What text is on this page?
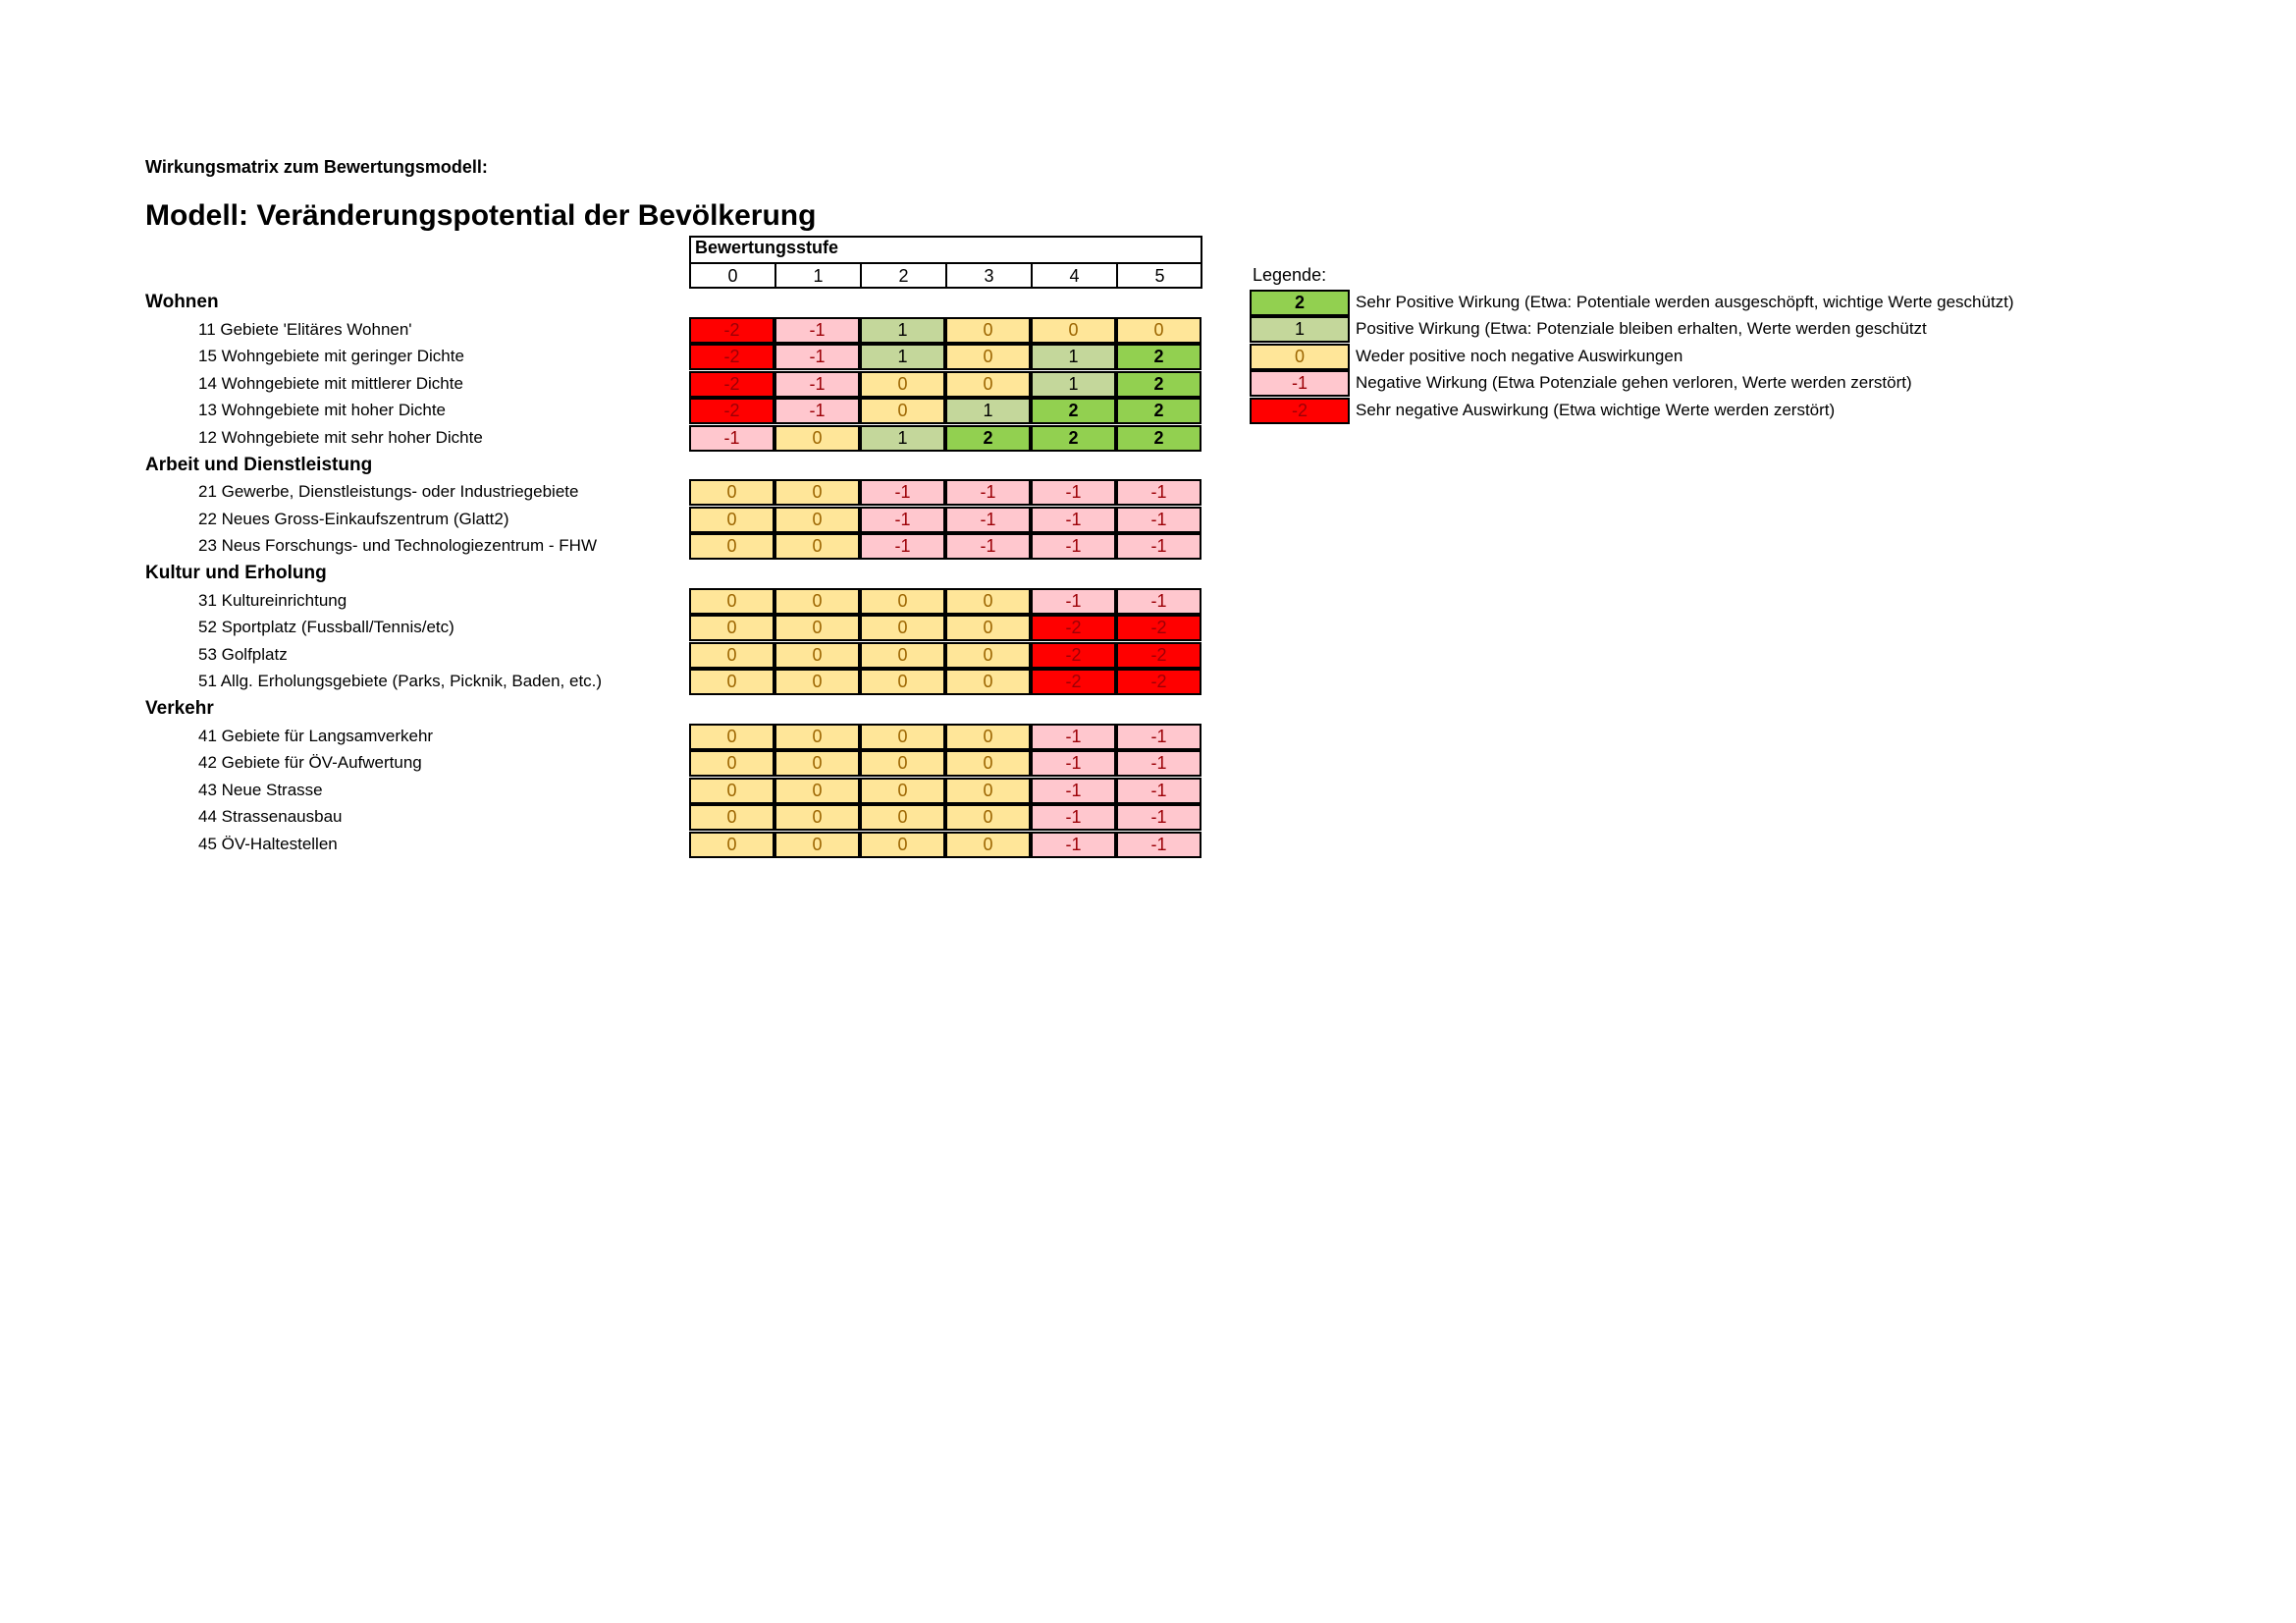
Wirkungsmatrix zum Bewertungsmodell:
Modell: Veränderungspotential der Bevölkerung
Bewertungsstufe
0	1	2	3	4	5
Wohnen
11 Gebiete 'Elitäres Wohnen'	-2	-1	1	0	0	0
15 Wohngebiete mit geringer Dichte	-2	-1	1	0	1	2
14 Wohngebiete mit mittlerer Dichte	-2	-1	0	0	1	2
13 Wohngebiete mit hoher Dichte	-2	-1	0	1	2	2
12 Wohngebiete mit sehr hoher Dichte	-1	0	1	2	2	2
Arbeit und Dienstleistung
21 Gewerbe, Dienstleistungs- oder Industriegebiete	0	0	-1	-1	-1	-1
22 Neues Gross-Einkaufszentrum (Glatt2)	0	0	-1	-1	-1	-1
23 Neus Forschungs- und Technologiezentrum - FHW	0	0	-1	-1	-1	-1
Kultur und Erholung
31 Kultureinrichtung	0	0	0	0	-1	-1
52 Sportplatz (Fussball/Tennis/etc)	0	0	0	0	-2	-2
53 Golfplatz	0	0	0	0	-2	-2
51 Allg. Erholungsgebiete (Parks, Picknik, Baden, etc.)	0	0	0	0	-2	-2
Verkehr
41 Gebiete für Langsamverkehr	0	0	0	0	-1	-1
42 Gebiete für ÖV-Aufwertung	0	0	0	0	-1	-1
43 Neue Strasse	0	0	0	0	-1	-1
44 Strassenausbau	0	0	0	0	-1	-1
45 ÖV-Haltestellen	0	0	0	0	-1	-1
Legende:
2	Sehr Positive Wirkung (Etwa: Potentiale werden ausgeschöpft, wichtige Werte geschützt)
1	Positive Wirkung (Etwa: Potenziale bleiben erhalten, Werte werden geschützt
0	Weder positive noch negative Auswirkungen
-1	Negative Wirkung (Etwa Potenziale gehen verloren, Werte werden zerstört)
-2	Sehr negative Auswirkung (Etwa wichtige Werte werden zerstört)
